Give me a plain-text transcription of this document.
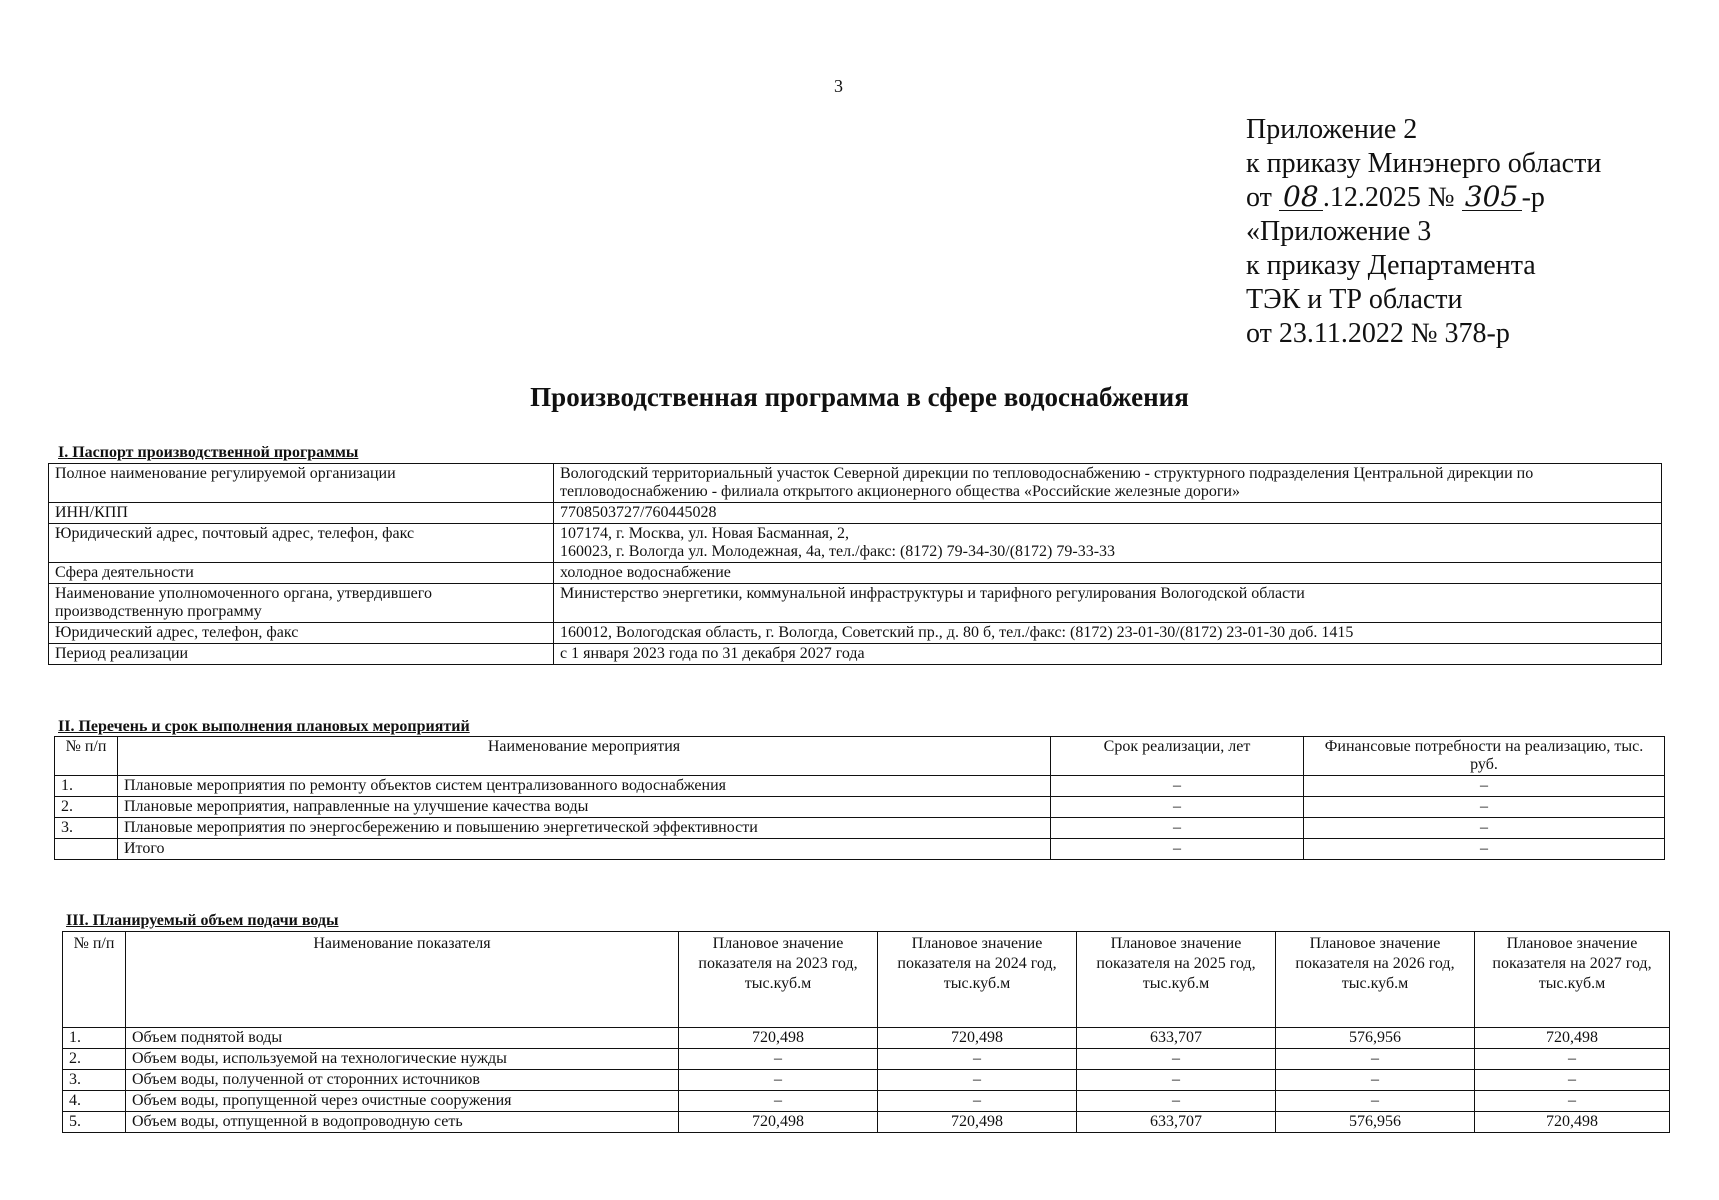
3
Приложение 2
к приказу Минэнерго области
от 08 .12.2025 № 305 -р
«Приложение 3
к приказу Департамента
ТЭК и ТР области
от 23.11.2022 № 378-р
Производственная программа в сфере водоснабжения
I. Паспорт производственной программы
Полное наименование регулируемой организации	Вологодский территориальный участок Северной дирекции по тепловодоснабжению - структурного подразделения Центральной дирекции по тепловодоснабжению - филиала открытого акционерного общества «Российские железные дороги»
ИНН/КПП	7708503727/760445028
Юридический адрес, почтовый адрес, телефон, факс	107174, г. Москва, ул. Новая Басманная, 2,
160023, г. Вологда ул. Молодежная, 4а, тел./факс: (8172) 79-34-30/(8172) 79-33-33

Сфера деятельности	холодное водоснабжение
Наименование уполномоченного органа, утвердившего производственную программу	Министерство энергетики, коммунальной инфраструктуры и тарифного регулирования Вологодской области
Юридический адрес, телефон, факс	160012, Вологодская область, г. Вологда, Советский пр., д. 80 б, тел./факс: (8172) 23-01-30/(8172) 23-01-30 доб. 1415
Период реализации	с 1 января 2023 года по 31 декабря 2027 года
II. Перечень и срок выполнения плановых мероприятий
№ п/п	Наименование мероприятия	Срок реализации, лет	Финансовые потребности на реализацию, тыс. руб.
1.	Плановые мероприятия по ремонту объектов систем централизованного водоснабжения	–	–
2.	Плановые мероприятия, направленные на улучшение качества воды	–	–
3.	Плановые мероприятия по энергосбережению и повышению энергетической эффективности	–	–
	Итого	–	–
III. Планируемый объем подачи воды
№ п/п	Наименование показателя	Плановое значение показателя на 2023 год, тыс.куб.м	Плановое значение показателя на 2024 год, тыс.куб.м	Плановое значение показателя на 2025 год, тыс.куб.м	Плановое значение показателя на 2026 год, тыс.куб.м	Плановое значение показателя на 2027 год, тыс.куб.м
1.	Объем поднятой воды	720,498	720,498	633,707	576,956	720,498
2.	Объем воды, используемой на технологические нужды	–	–	–	–	–
3.	Объем воды, полученной от сторонних источников	–	–	–	–	–
4.	Объем воды, пропущенной через очистные сооружения	–	–	–	–	–
5.	Объем воды, отпущенной в водопроводную сеть	720,498	720,498	633,707	576,956	720,498
